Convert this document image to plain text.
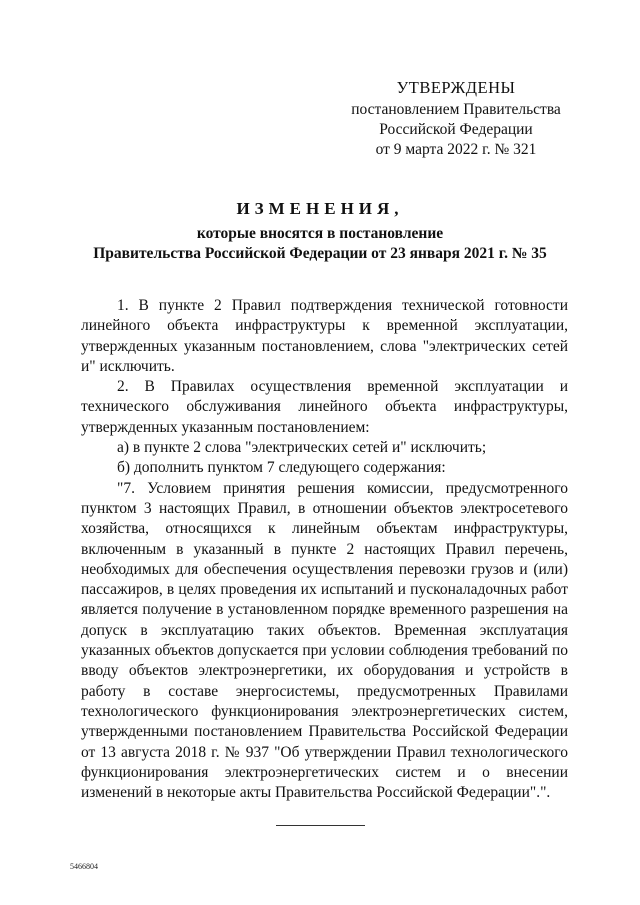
УТВЕРЖДЕНЫ
постановлением Правительства
Российской Федерации
от 9 марта 2022 г. № 321
ИЗМЕНЕНИЯ,
которые вносятся в постановление
Правительства Российской Федерации от 23 января 2021 г. № 35

1. В пункте 2 Правил подтверждения технической готовности линейного объекта инфраструктуры к временной эксплуатации, утвержденных указанным постановлением, слова "электрических сетей и" исключить.

2. В Правилах осуществления временной эксплуатации и технического обслуживания линейного объекта инфраструктуры, утвержденных указанным постановлением:

а) в пункте 2 слова "электрических сетей и" исключить;

б) дополнить пунктом 7 следующего содержания:

"7. Условием принятия решения комиссии, предусмотренного пунктом 3 настоящих Правил, в отношении объектов электросетевого хозяйства, относящихся к линейным объектам инфраструктуры, включенным в указанный в пункте 2 настоящих Правил перечень, необходимых для обеспечения осуществления перевозки грузов и (или) пассажиров, в целях проведения их испытаний и пусконаладочных работ является получение в установленном порядке временного разрешения на допуск в эксплуатацию таких объектов. Временная эксплуатация указанных объектов допускается при условии соблюдения требований по вводу объектов электроэнергетики, их оборудования и устройств в работу в составе энергосистемы, предусмотренных Правилами технологического функционирования электроэнергетических систем, утвержденными постановлением Правительства Российской Федерации от 13 августа 2018 г. № 937 "Об утверждении Правил технологического функционирования электроэнергетических систем и о внесении изменений в некоторые акты Правительства Российской Федерации".".

5466804
